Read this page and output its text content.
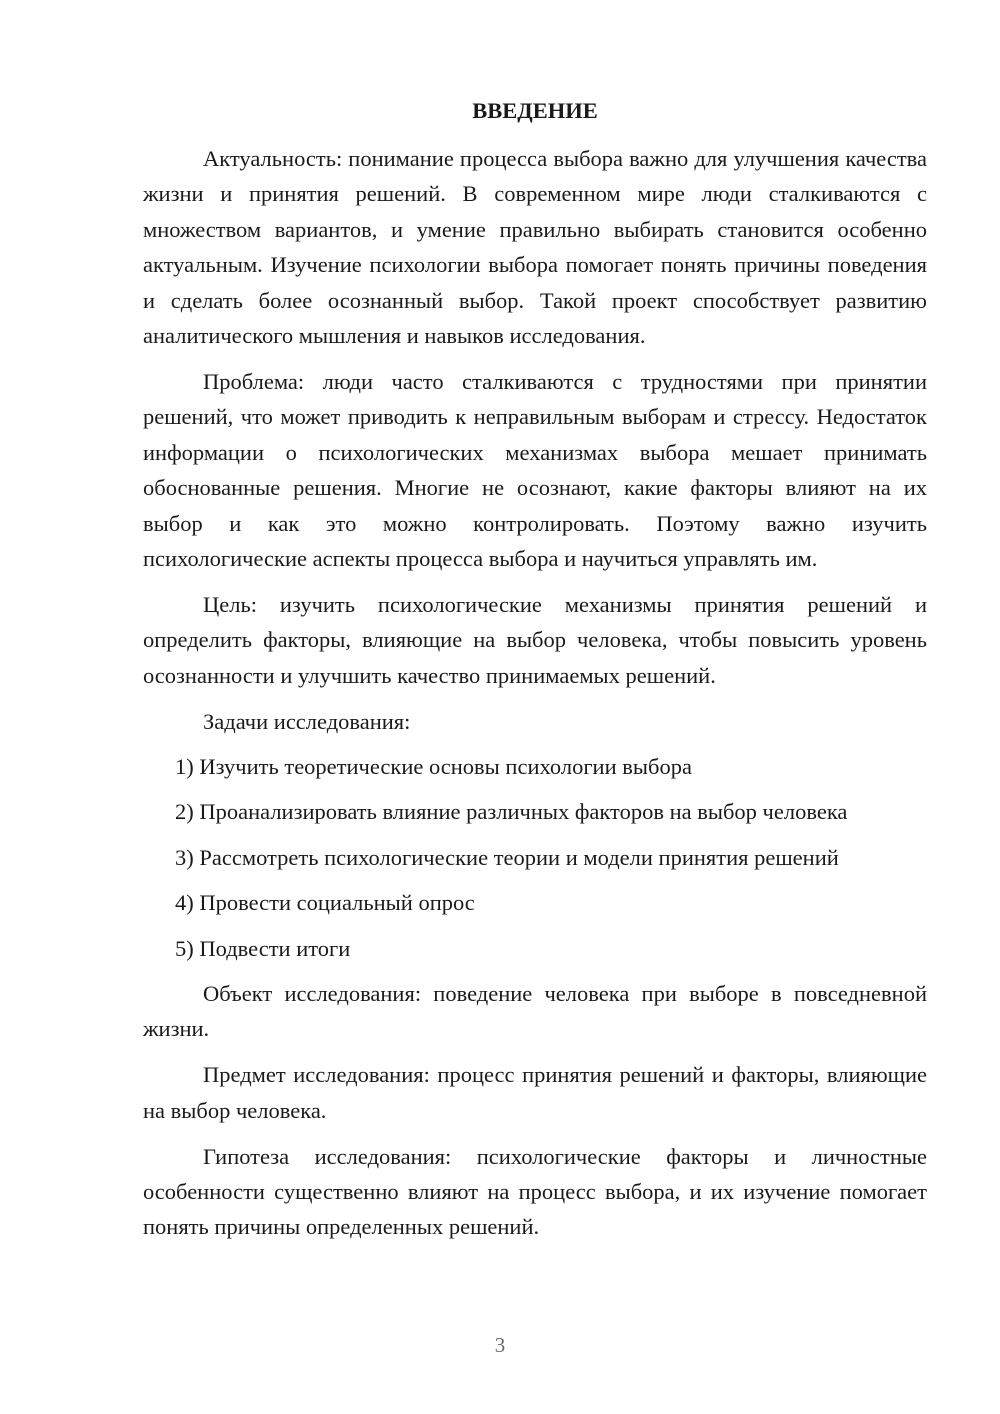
ВВЕДЕНИЕ

Актуальность: понимание процесса выбора важно для улучшения качества жизни и принятия решений. В современном мире люди сталкиваются с множеством вариантов, и умение правильно выбирать становится особенно актуальным. Изучение психологии выбора помогает понять причины поведения и сделать более осознанный выбор. Такой проект способствует развитию аналитического мышления и навыков исследования.

Проблема: люди часто сталкиваются с трудностями при принятии решений, что может приводить к неправильным выборам и стрессу. Недостаток информации о психологических механизмах выбора мешает принимать обоснованные решения. Многие не осознают, какие факторы влияют на их выбор и как это можно контролировать. Поэтому важно изучить психологические аспекты процесса выбора и научиться управлять им.

Цель: изучить психологические механизмы принятия решений и определить факторы, влияющие на выбор человека, чтобы повысить уровень осознанности и улучшить качество принимаемых решений.

Задачи исследования:

1) Изучить теоретические основы психологии выбора

2) Проанализировать влияние различных факторов на выбор человека

3) Рассмотреть психологические теории и модели принятия решений

4) Провести социальный опрос

5) Подвести итоги

Объект исследования: поведение человека при выборе в повседневной жизни.

Предмет исследования: процесс принятия решений и факторы, влияющие на выбор человека.

Гипотеза исследования: психологические факторы и личностные особенности существенно влияют на процесс выбора, и их изучение помогает понять причины определенных решений.

3
